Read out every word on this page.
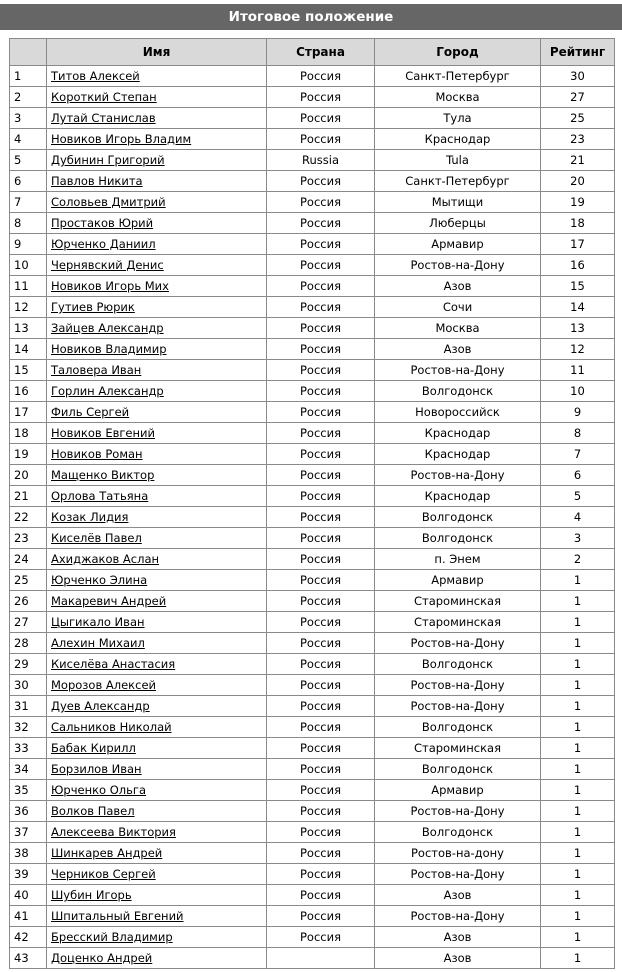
Итоговое положение
	Имя	Страна	Город	Рейтинг
1	Титов Алексей	Россия	Санкт-Петербург	30
2	Короткий Степан	Россия	Москва	27
3	Лутай Станислав	Россия	Тула	25
4	Новиков Игорь Владим	Россия	Краснодар	23
5	Дубинин Григорий	Russia	Tula	21
6	Павлов Никита	Россия	Санкт-Петербург	20
7	Соловьев Дмитрий	Россия	Мытищи	19
8	Простаков Юрий	Россия	Люберцы	18
9	Юрченко Даниил	Россия	Армавир	17
10	Чернявский Денис	Россия	Ростов-на-Дону	16
11	Новиков Игорь Мих	Россия	Азов	15
12	Гутиев Рюрик	Россия	Сочи	14
13	Зайцев Александр	Россия	Москва	13
14	Новиков Владимир	Россия	Азов	12
15	Таловера Иван	Россия	Ростов-на-Дону	11
16	Горлин Александр	Россия	Волгодонск	10
17	Филь Сергей	Россия	Новороссийск	9
18	Новиков Евгений	Россия	Краснодар	8
19	Новиков Роман	Россия	Краснодар	7
20	Мащенко Виктор	Россия	Ростов-на-Дону	6
21	Орлова Татьяна	Россия	Краснодар	5
22	Козак Лидия	Россия	Волгодонск	4
23	Киселёв Павел	Россия	Волгодонск	3
24	Ахиджаков Аслан	Россия	п. Энем	2
25	Юрченко Элина	Россия	Армавир	1
26	Макаревич Андрей	Россия	Староминская	1
27	Цыгикало Иван	Россия	Староминская	1
28	Алехин Михаил	Россия	Ростов-на-Дону	1
29	Киселёва Анастасия	Россия	Волгодонск	1
30	Морозов Алексей	Россия	Ростов-на-Дону	1
31	Дуев Александр	Россия	Ростов-на-Дону	1
32	Сальников Николай	Россия	Волгодонск	1
33	Бабак Кирилл	Россия	Староминская	1
34	Борзилов Иван	Россия	Волгодонск	1
35	Юрченко Ольга	Россия	Армавир	1
36	Волков Павел	Россия	Ростов-на-Дону	1
37	Алексеева Виктория	Россия	Волгодонск	1
38	Шинкарев Андрей	Россия	Ростов-на-дону	1
39	Черников Сергей	Россия	Ростов-на-Дону	1
40	Шубин Игорь	Россия	Азов	1
41	Шпитальный Евгений	Россия	Ростов-на-Дону	1
42	Бресский Владимир	Россия	Азов	1
43	Доценко Андрей		Азов	1
